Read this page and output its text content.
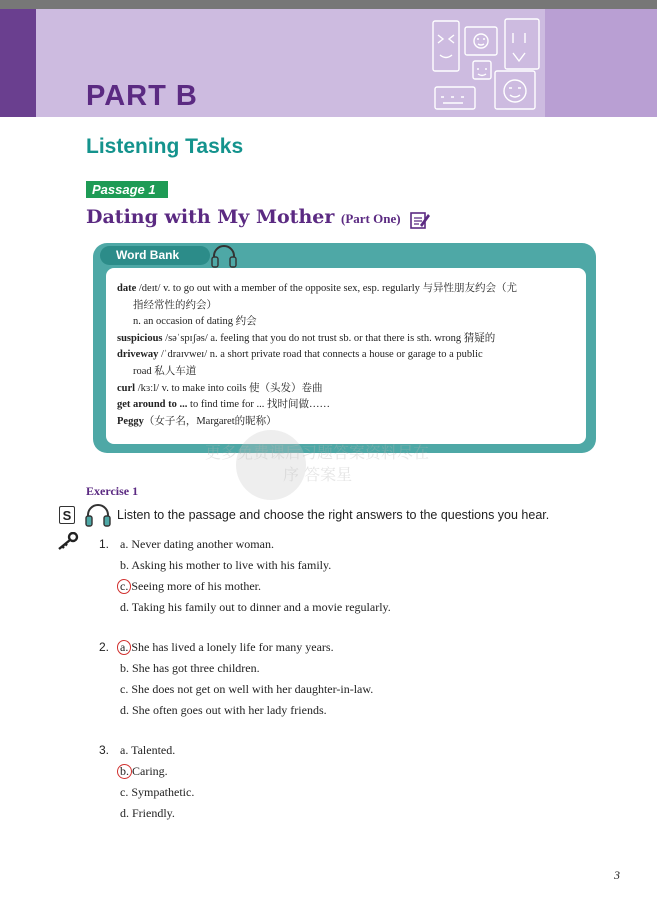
PART B
Listening Tasks
Passage 1
Dating with My Mother (Part One)
Word Bank
date /deɪt/ v. to go out with a member of the opposite sex, esp. regularly 与异性朋友约会（尤
指经常性的约会）
n. an occasion of dating 约会
suspicious /səˈspɪʃəs/ a. feeling that you do not trust sb. or that there is sth. wrong 猜疑的
driveway /ˈdraɪvweɪ/ n. a short private road that connects a house or garage to a public
road 私人车道
curl /kɜːl/ v. to make into coils 使（头发）卷曲
get around to ... to find time for ... 找时间做……
Peggy（女子名，Margaret的昵称）
更多免费课后习题答案资料尽在
序 答案星
Exercise 1
S	Listen to the passage and choose the right answers to the questions you hear.
1. a. Never dating another woman.
b. Asking his mother to live with his family.
c. Seeing more of his mother.
d. Taking his family out to dinner and a movie regularly.
2. a. She has lived a lonely life for many years.
b. She has got three children.
c. She does not get on well with her daughter-in-law.
d. She often goes out with her lady friends.
3. a. Talented.
b. Caring.
c. Sympathetic.
d. Friendly.
3
